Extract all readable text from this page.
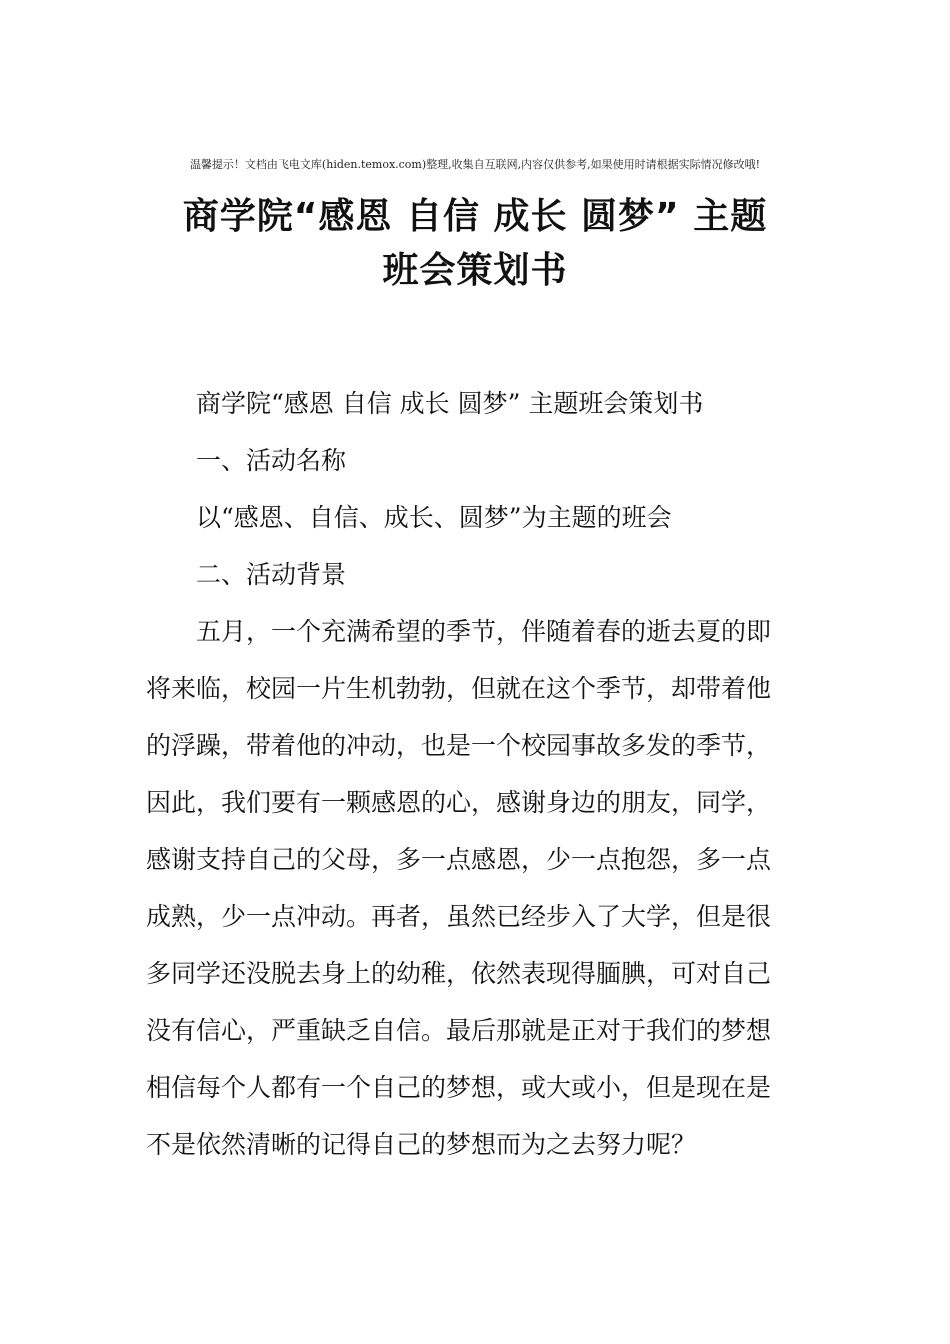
温馨提示！文档由飞电文库(hiden.temox.com)整理,收集自互联网,内容仅供参考,如果使用时请根据实际情况修改哦!
商学院“感恩 自信 成长 圆梦” 主题
班会策划书

商学院“感恩 自信 成长 圆梦” 主题班会策划书

一、活动名称

以“感恩、自信、成长、圆梦”为主题的班会

二、活动背景

五月，一个充满希望的季节，伴随着春的逝去夏的即
将来临，校园一片生机勃勃，但就在这个季节，却带着他
的浮躁，带着他的冲动，也是一个校园事故多发的季节，
因此，我们要有一颗感恩的心，感谢身边的朋友，同学，
感谢支持自己的父母，多一点感恩，少一点抱怨，多一点
成熟，少一点冲动。再者，虽然已经步入了大学，但是很
多同学还没脱去身上的幼稚，依然表现得腼腆，可对自己
没有信心，严重缺乏自信。最后那就是正对于我们的梦想
相信每个人都有一个自己的梦想，或大或小，但是现在是
不是依然清晰的记得自己的梦想而为之去努力呢？
